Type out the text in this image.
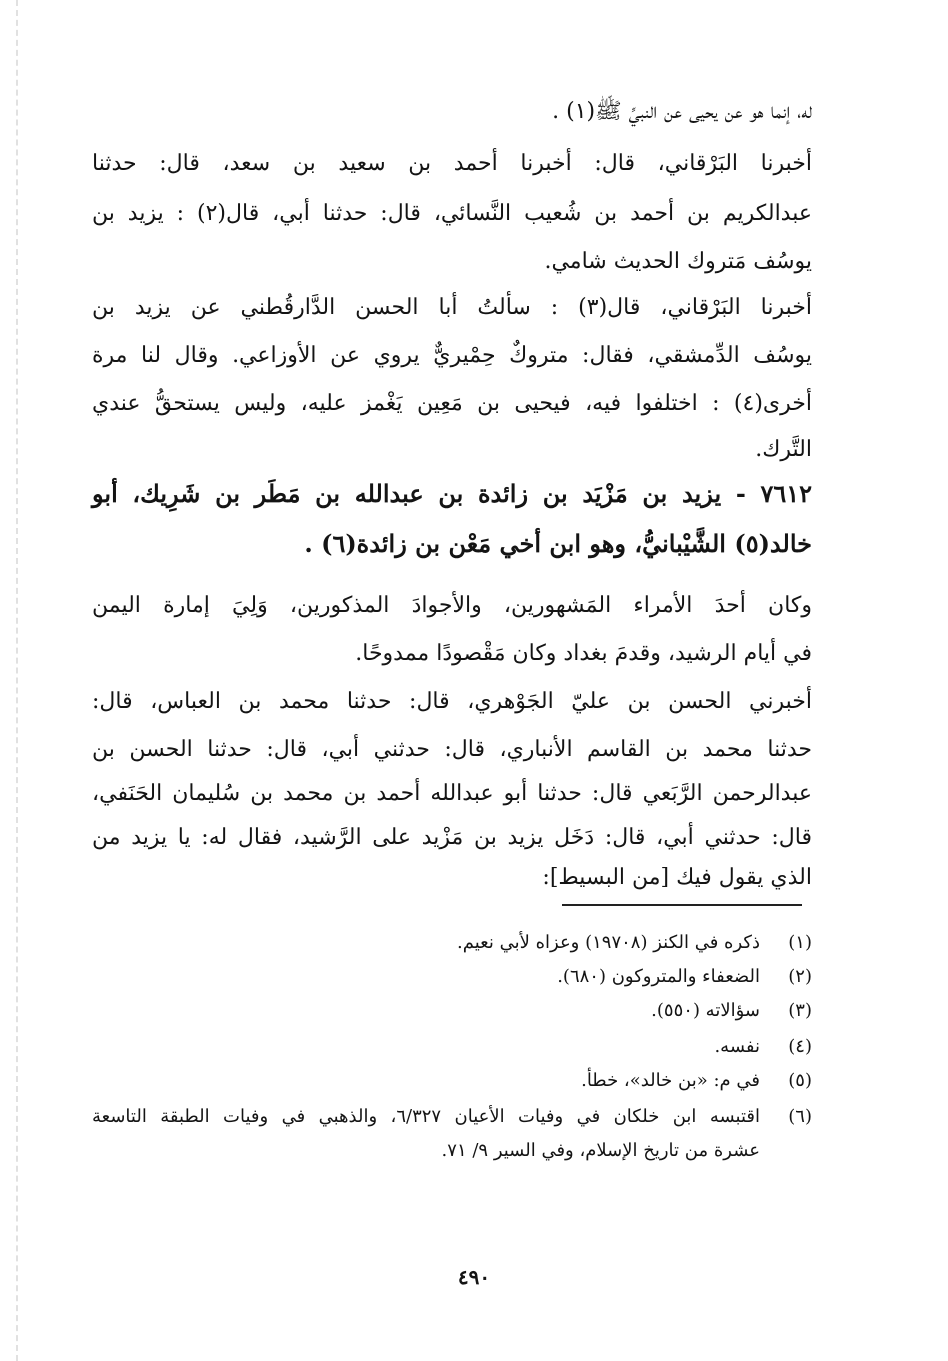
له، إنما هو عن يحيى عن النبيِّ ﷺ(١) .
أخبرنا البَرْقاني، قال: أخبرنا أحمد بن سعيد بن سعد، قال: حدثنا
عبدالكريم بن أحمد بن شُعيب النَّسائي، قال: حدثنا أبي، قال(٢) : يزيد بن
يوسُف مَتروك الحديث شامي.
أخبرنا البَرْقاني، قال(٣) : سألتُ أبا الحسن الدَّارقُطني عن يزيد بن
يوسُف الدِّمشقي، فقال: متروكٌ حِمْيريٌّ يروي عن الأوزاعي. وقال لنا مرة
أخرى(٤) : اختلفوا فيه، فيحيى بن مَعِين يَغْمز عليه، وليس يستحقُّ عندي
التَّرك.
٧٦١٢ - يزيد بن مَزْيَد بن زائدة بن عبدالله بن مَطَر بن شَرِيك، أبو
خالد(٥) الشَّيْبانيُّ، وهو ابن أخي مَعْن بن زائدة(٦) .
وكان أحدَ الأمراء المَشهورين، والأجوادَ المذكورين، وَلِيَ إمارة اليمن
في أيام الرشيد، وقدمَ بغداد وكان مَقْصودًا ممدوحًا.
أخبرني الحسن بن عليّ الجَوْهري، قال: حدثنا محمد بن العباس، قال:
حدثنا محمد بن القاسم الأنباري، قال: حدثني أبي، قال: حدثنا الحسن بن
عبدالرحمن الرَّبَعي قال: حدثنا أبو عبدالله أحمد بن محمد بن سُليمان الحَنَفي،
قال: حدثني أبي، قال: دَخَل يزيد بن مَزْيد على الرَّشيد، فقال له: يا يزيد من
الذي يقول فيك [من البسيط]:
(١)
ذكره في الكنز (١٩٧٠٨) وعزاه لأبي نعيم.
(٢)
الضعفاء والمتروكون (٦٨٠).
(٣)
سؤالاته (٥٥٠).
(٤)
نفسه.
(٥)
في م: «بن خالد»، خطأ.
(٦)
اقتبسه ابن خلكان في وفيات الأعيان ٦/٣٢٧، والذهبي في وفيات الطبقة التاسعة
عشرة من تاريخ الإسلام، وفي السير ٩/ ٧١.
٤٩٠
